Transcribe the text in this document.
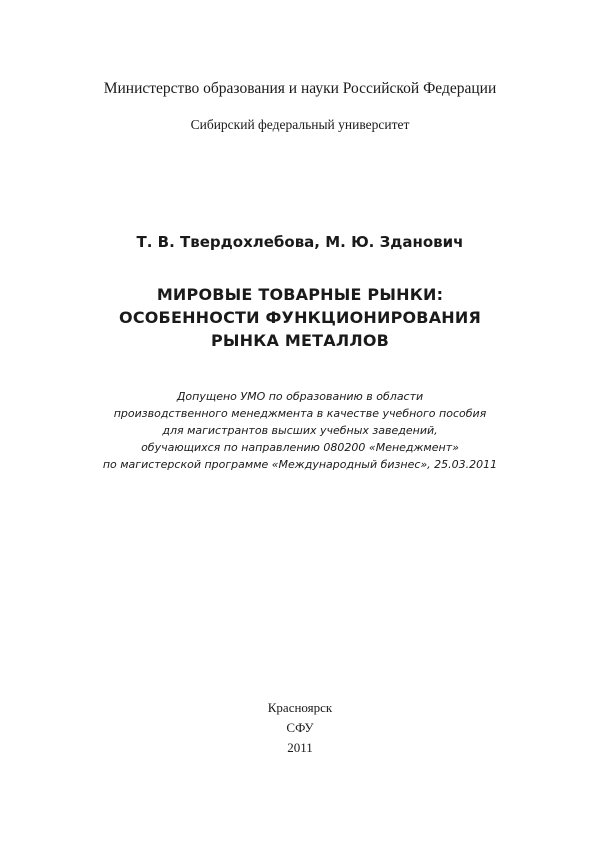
Министерство образования и науки Российской Федерации
Сибирский федеральный университет
Т. В. Твердохлебова, М. Ю. Зданович
МИРОВЫЕ ТОВАРНЫЕ РЫНКИ:
ОСОБЕННОСТИ ФУНКЦИОНИРОВАНИЯ
РЫНКА МЕТАЛЛОВ
Допущено УМО по образованию в области
производственного менеджмента в качестве учебного пособия
для магистрантов высших учебных заведений,
обучающихся по направлению 080200 «Менеджмент»
по магистерской программе «Международный бизнес», 25.03.2011
Красноярск
СФУ
2011
